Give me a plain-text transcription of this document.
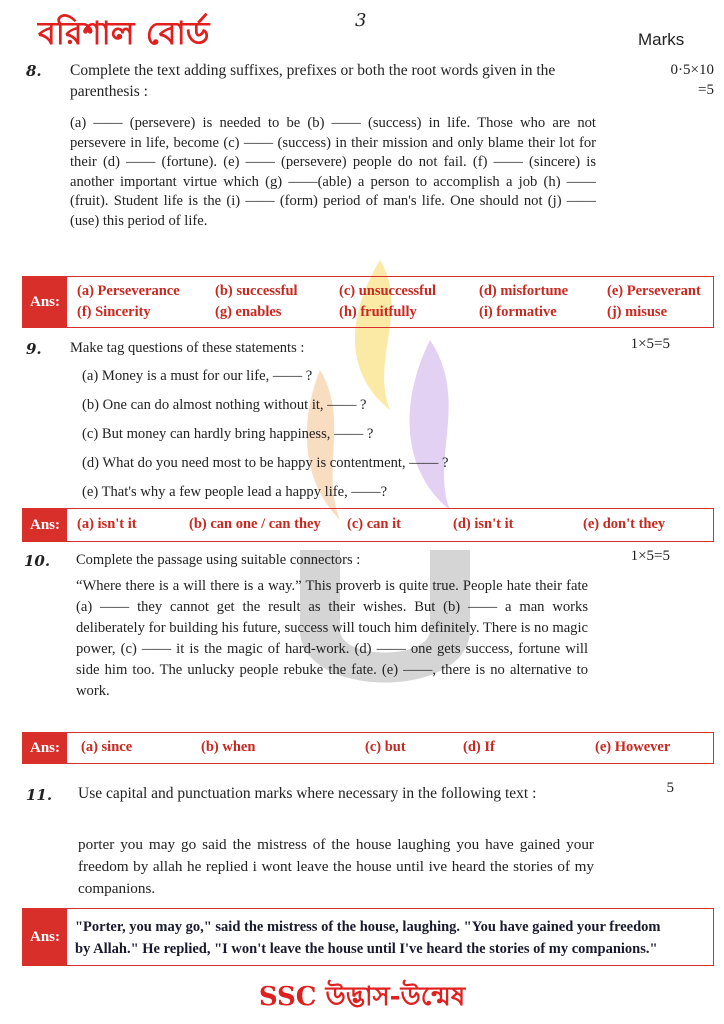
বরিশাল বোর্ড	3
Marks
8. Complete the text adding suffixes, prefixes or both the root words given in the parenthesis :
0·5×10
=5
(a) —— (persevere) is needed to be (b) —— (success) in life. Those who are not persevere in life, become (c) —— (success) in their mission and only blame their lot for their (d) —— (fortune). (e) —— (persevere) people do not fail. (f) —— (sincere) is another important virtue which (g) ——(able) a person to accomplish a job (h) —— (fruit). Student life is the (i) —— (form) period of man's life. One should not (j) —— (use) this period of life.
Ans:
(a) Perseverance (b) successful	(c) unsuccessful	(d) misfortune	(e) Perseverant
(f) Sincerity	(g) enables	(h) fruitfully	(i) formative	(j) misuse
9. Make tag questions of these statements :	1×5=5
(a) Money is a must for our life, —— ?
(b) One can do almost nothing without it, —— ?
(c) But money can hardly bring happiness, —— ?
(d) What do you need most to be happy is contentment, —— ?
(e) That's why a few people lead a happy life, ——?
Ans:	(a) isn't it	(b) can one / can they (c) can it	(d) isn't it	(e) don't they
10. Complete the passage using suitable connectors :	1×5=5
“Where there is a will there is a way.” This proverb is quite true. People hate their fate (a) —— they cannot get the result as their wishes. But (b) —— a man works deliberately for building his future, success will touch him definitely. There is no magic power, (c) —— it is the magic of hard-work. (d) —— one gets success, fortune will side him too. The unlucky people rebuke the fate. (e) ——, there is no alternative to work.
Ans:	(a) since	(b) when	(c) but	(d) If	(e) However
11. Use capital and punctuation marks where necessary in the following text :	5
porter you may go said the mistress of the house laughing you have gained your freedom by allah he replied i wont leave the house until ive heard the stories of my companions.
Ans:
"Porter, you may go," said the mistress of the house, laughing. "You have gained your freedom
by Allah." He replied, "I won't leave the house until I've heard the stories of my companions."
SSC উদ্ভাস-উন্মেষ
